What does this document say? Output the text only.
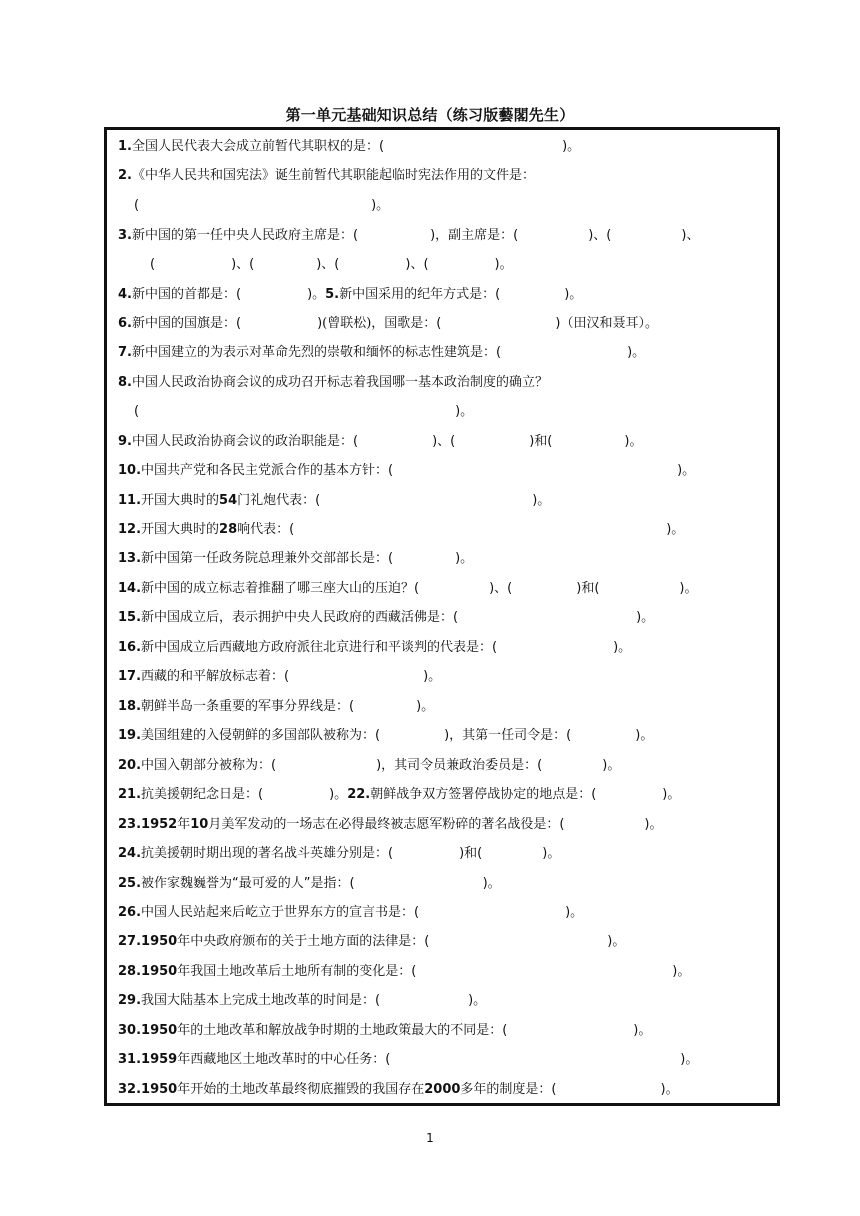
第一单元基础知识总结（练习版藝閣先生）
1.全国人民代表大会成立前暂代其职权的是：(	)。
2.《中华人民共和国宪法》诞生前暂代其职能起临时宪法作用的文件是：
(	)。
3.新中国的第一任中央人民政府主席是：(	)，副主席是：(	)、(	)、
(	)、(	)、(	)、(	)。
4.新中国的首都是：(	)。5.新中国采用的纪年方式是：(	)。
6.新中国的国旗是：(	)(曾联松)，国歌是：(	)（田汉和聂耳）。
7.新中国建立的为表示对革命先烈的崇敬和缅怀的标志性建筑是：(	)。
8.中国人民政治协商会议的成功召开标志着我国哪一基本政治制度的确立？
(	)。
9.中国人民政治协商会议的政治职能是：(	)、(	)和(	)。
10.中国共产党和各民主党派合作的基本方针：(	)。
11.开国大典时的54门礼炮代表：(	)。
12.开国大典时的28响代表：(	)。
13.新中国第一任政务院总理兼外交部部长是：(	)。
14.新中国的成立标志着推翻了哪三座大山的压迫？(	)、(	)和(	)。
15.新中国成立后，表示拥护中央人民政府的西藏活佛是：(	)。
16.新中国成立后西藏地方政府派往北京进行和平谈判的代表是：(	)。
17.西藏的和平解放标志着：(	)。
18.朝鲜半岛一条重要的军事分界线是：(	)。
19.美国组建的入侵朝鲜的多国部队被称为：(	)，其第一任司令是：(	)。
20.中国入朝部分被称为：(	)，其司令员兼政治委员是：(	)。
21.抗美援朝纪念日是：(	)。22.朝鲜战争双方签署停战协定的地点是：(	)。
23.1952年10月美军发动的一场志在必得最终被志愿军粉碎的著名战役是：(	)。
24.抗美援朝时期出现的著名战斗英雄分别是：(	)和(	)。
25.被作家魏巍誉为“最可爱的人”是指：(	)。
26.中国人民站起来后屹立于世界东方的宣言书是：(	)。
27.1950年中央政府颁布的关于土地方面的法律是：(	)。
28.1950年我国土地改革后土地所有制的变化是：(	)。
29.我国大陆基本上完成土地改革的时间是：(	)。
30.1950年的土地改革和解放战争时期的土地政策最大的不同是：(	)。
31.1959年西藏地区土地改革时的中心任务：(	)。
32.1950年开始的土地改革最终彻底摧毁的我国存在2000多年的制度是：(	)。
1
